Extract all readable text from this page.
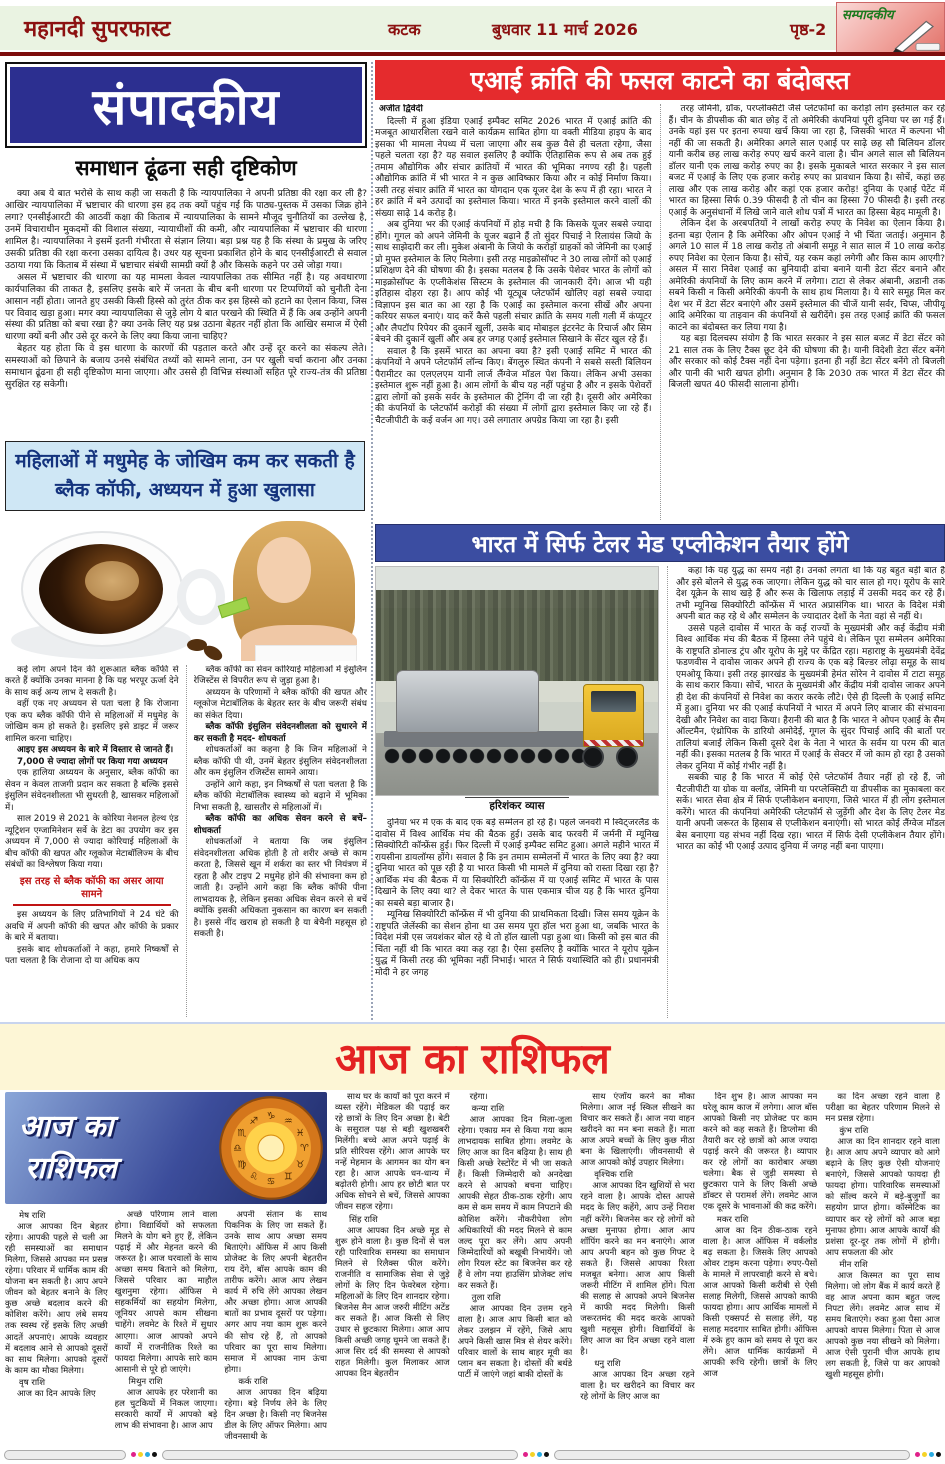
महानदी सुपरफास्ट	कटक	बुधवार 11 मार्च 2026	पृष्ठ-2
सम्पादकीय
संपादकीय
समाधान ढूंढना सही दृष्टिकोण

क्या अब ये बात भरोसे के साथ कही जा सकती है कि न्यायपालिका ने अपनी प्रतिष्ठा की रक्षा कर ली है? आखिर न्यायपालिका में भ्रष्टाचार की धारणा इस हद तक क्यों पहुंच गई कि पाठ्य-पुस्तक में उसका जिक्र होने लगा? एनसीईआरटी की आठवीं कक्षा की किताब में न्यायपालिका के सामने मौजूद चुनौतियों का उल्लेख है, उनमें विचाराधीन मुकदमों की विशाल संख्या, न्यायाधीशों की कमी, और न्यायपालिका में भ्रष्टाचार की धारणा शामिल है। न्यायपालिका ने इसमें इतनी गंभीरता से संज्ञान लिया। बड़ा प्रश्न यह है कि संस्था के प्रमुख के जरिए उसकी प्रतिष्ठा की रक्षा करना उसका दायित्व है। उधर यह सूचना प्रकाशित होने के बाद एनसीईआरटी से सवाल उठाया गया कि किताब में संस्था में भ्रष्टाचार संबंधी सामग्री क्यों है और किसके कहने पर उसे जोड़ा गया।

असल में भ्रष्टाचार की धारणा का यह मामला केवल न्यायपालिका तक सीमित नहीं है। यह अवधारणा कार्यपालिका की ताकत है, इसलिए इसके बारे में जनता के बीच बनी धारणा पर टिप्पणियों को चुनौती देना आसान नहीं होता। जानते हुए उसकी किसी हिस्से को तुरंत ठीक कर इस हिस्से को हटाने का ऐलान किया, जिस पर विवाद खड़ा हुआ। मगर क्या न्यायपालिका से जुड़े लोग ये बात परखने की स्थिति में हैं कि अब उन्होंने अपनी संस्था की प्रतिष्ठा को बचा रखा है? क्या उनके लिए यह प्रश्न उठाना बेहतर नहीं होता कि आखिर समाज में ऐसी धारणा क्यों बनी और उसे दूर करने के लिए क्या किया जाना चाहिए?

बेहतर यह होता कि वे इस धारणा के कारणों की पड़ताल करते और उन्हें दूर करने का संकल्प लेते। समस्याओं को छिपाने के बजाय उनसे संबंधित तथ्यों को सामने लाना, उन पर खुली चर्चा कराना और उनका समाधान ढूंढना ही सही दृष्टिकोण माना जाएगा। और उससे ही विभिन्न संस्थाओं सहित पूरे राज्य-तंत्र की प्रतिष्ठा सुरक्षित रह सकेगी।

महिलाओं में मधुमेह के जोखिम कम कर सकती है ब्लैक कॉफी, अध्ययन में हुआ खुलासा

कई लोग अपने दिन की शुरूआत ब्लैक कॉफी से करते हैं क्योंकि उनका मानना है कि यह भरपूर ऊर्जा देने के साथ कई अन्य लाभ दे सकती है।

वहीं एक नए अध्ययन से पता चला है कि रोजाना एक कप ब्लैक कॉफी पीने से महिलाओं में मधुमेह के जोखिम कम हो सकते है। इसलिए इसे डाइट में जरूर शामिल करना चाहिए।

आइए इस अध्ययन के बारे में विस्तार से जानते हैं।

7,000 से ज्यादा लोगों पर किया गया अध्ययन

एक हालिया अध्ययन के अनुसार, ब्लैक कॉफी का सेवन न केवल ताजगी प्रदान कर सकता है बल्कि इससे इंसुलिन संवेदनशीलता भी सुधरती है, खासकर महिलाओं में।

साल 2019 से 2021 के कोरिया नेशनल हेल्थ एंड न्यूट्रिशन एग्जामिनेशन सर्वे के डेटा का उपयोग कर इस अध्ययन में 7,000 से ज्यादा कोरियाई महिलाओं के बीच कॉफी की खपत और ग्लूकोज मेटाबॉलिज्म के बीच संबंधों का विश्लेषण किया गया।

इस तरह से ब्लैक कॉफी का असर आया सामने

इस अध्ययन के लिए प्रतिभागियों ने 24 घंटे की अवधि में अपनी कॉफी की खपत और कॉफी के प्रकार के बारे में बताया।

इसके बाद शोधकर्ताओं ने कहा, हमारे निष्कर्षों से पता चलता है कि रोजाना दो या अधिक कप

ब्लैक कॉफी का सेवन कोरियाई महिलाओं में इंसुलिन रेजिस्टेंस से विपरीत रूप से जुड़ा हुआ है।

अध्ययन के परिणामों ने ब्लैक कॉफी की खपत और ग्लूकोज मेटाबॉलिक के बेहतर स्तर के बीच जरूरी संबंध का संकेत दिया।

ब्लैक कॉफी इंसुलिन संवेदनशीलता को सुधारने में कर सकती है मदद- शोधकर्ता

शोधकर्ताओं का कहना है कि जिन महिलाओं ने ब्लैक कॉफी पी थी, उनमें बेहतर इंसुलिन संवेदनशीलता और कम इंसुलिन रजिस्टेंस सामने आया।

उन्होंने आगे कहा, इन निष्कर्षों से पता चलता है कि ब्लैक कॉफी मेटाबॉलिक स्वास्थ्य को बढ़ाने में भूमिका निभा सकती है, खासतौर से महिलाओं में।

ब्लैक कॉफी का अधिक सेवन करने से बचें– शोधकर्ता

शोधकर्ताओं ने बताया कि जब इंसुलिन संवेदनशीलता अधिक होती है तो शरीर अच्छे से काम करता है, जिससे खून में शर्करा का स्तर भी नियंत्रण में रहता है और टाइप 2 मधुमेह होने की संभावना कम हो जाती है। उन्होंने आगे कहा कि ब्लैक कॉफी पीना लाभदायक है, लेकिन इसका अधिक सेवन करने से बचें क्योंकि इसकी अधिकता नुकसान का कारण बन सकती है। इससे नींद खराब हो सकती है या बेचैनी महसूस हो सकती है।

एआई क्रांति की फसल काटने का बंदोबस्त

अजीत द्विवेदी

दिल्ली में हुआ इंडिया एआई इम्पैक्ट समिट 2026 भारत में एआई क्रांति की मजबूत आधारशिला रखने वाले कार्यक्रम साबित होगा या वक्ती मीडिया हाइप के बाद इसका भी मामला नेपथ्य में चला जाएगा और सब कुछ वैसे ही चलता रहेगा, जैसा पहले चलता रहा है? यह सवाल इसलिए है क्योंकि ऐतिहासिक रूप से अब तक हुई तमाम औद्योगिक और संचार क्रांतियों में भारत की भूमिका नगण्य रही है। पहली औद्योगिक क्रांति में भी भारत ने न कुछ आविष्कार किया और न कोई निर्माण किया। उसी तरह संचार क्रांति में भारत का योगदान एक यूजर देश के रूप में ही रहा। भारत ने हर क्रांति में बने उत्पादों का इस्तेमाल किया। भारत में इनके इस्तेमाल करने वालों की संख्या साढ़े 14 करोड़ है।

अब दुनिया भर की एआई कंपनियों में होड़ मची है कि किसके यूजर सबसे ज्यादा होंगे। गूगल को अपने जेमिनी के यूजर बढ़ाने हैं तो सुंदर पिचाई ने रिलायंस जियो के साथ साझेदारी कर ली। मुकेश अंबानी के जियो के करोड़ों ग्राहकों को जेमिनी का एआई प्रो मुफ्त इस्तेमाल के लिए मिलेगा। इसी तरह माइक्रोसॉफ्ट ने 30 लाख लोगों को एआई प्रशिक्षण देने की घोषणा की है। इसका मतलब है कि उसके पेशेवर भारत के लोगों को माइक्रोसॉफ्ट के एप्लीकेशंस सिस्टम के इस्तेमाल की जानकारी देंगे। आज भी यही इतिहास दोहरा रहा है। आप कोई भी यूट्यूब प्लेटफॉर्म खोलिए वहां सबसे ज्यादा विज्ञापन इस बात का आ रहा है कि एआई का इस्तेमाल करना सीखें और अपना करियर सफल बनाएं। याद करें कैसे पहली संचार क्रांति के समय गली गली में कंप्यूटर और लैपटॉप रिपेयर की दुकानें खुलीं, उसके बाद मोबाइल इंटरनेट के रिचार्ज और सिम बेचने की दुकानें खुलीं और अब हर जगह एआई इस्तेमाल सिखाने के सेंटर खुल रहे हैं।

सवाल है कि इसमें भारत का अपना क्या है? इसी एआई समिट में भारत की कंपनियों ने अपने प्लेटफॉर्म लॉन्च किए। बेंगलुरु स्थित कंपनी ने सबसे सस्ती बिलियन पैरामीटर का एलएलएम यानी लार्ज लैंग्वेज मॉडल पेश किया। लेकिन अभी उसका इस्तेमाल शुरू नहीं हुआ है। आम लोगों के बीच यह नहीं पहुंचा है और न इसके पेशेवरों द्वारा लोगों को इसके सर्वर के इस्तेमाल की ट्रेनिंग दी जा रही है। दूसरी ओर अमेरिका की कंपनियों के प्लेटफॉर्म करोड़ों की संख्या में लोगों द्वारा इस्तेमाल किए जा रहे हैं। चैटजीपीटी के कई वर्जन आ गए। उसे लगातार अपग्रेड किया जा रहा है। इसी

तरह जेमिनी, ग्रॉक, परप्लेक्सिटी जैसे प्लेटफॉर्मों का करोड़ों लोग इस्तेमाल कर रहे हैं। चीन के डीपसीक की बात छोड़ दें तो अमेरिकी कंपनियां पूरी दुनिया पर छा गई हैं। उनके यहां इस पर इतना रुपया खर्च किया जा रहा है, जिसकी भारत में कल्पना भी नहीं की जा सकती है। अमेरिका अगले साल एआई पर साढ़े छह सौ बिलियन डॉलर यानी करीब छह लाख करोड़ रुपए खर्च करने वाला है। चीन अगले साल सौ बिलियन डॉलर यानी एक लाख करोड़ रुपए का है। इसके मुकाबले भारत सरकार ने इस साल बजट में एआई के लिए एक हजार करोड़ रुपए का प्रावधान किया है। सोचें, कहां छह लाख और एक लाख करोड़ और कहां एक हजार करोड़! दुनिया के एआई पेटेंट में भारत का हिस्सा सिर्फ 0.39 फीसदी है तो चीन का हिस्सा 70 फीसदी है। इसी तरह एआई के अनुसंधानों में लिखे जाने वाले शोध पत्रों में भारत का हिस्सा बेहद मामूली है।

लेकिन देश के अरबपतियों ने लाखों करोड़ रुपए के निवेश का ऐलान किया है। इतना बड़ा ऐलान है कि अमेरिका और ओपन एआई ने भी चिंता जताई। अनुमान है अगले 10 साल में 18 लाख करोड़ तो अंबानी समूह ने सात साल में 10 लाख करोड़ रुपए निवेश का ऐलान किया है। सोचें, यह रकम कहां लगेगी और किस काम आएगी? असल में सारा निवेश एआई का बुनियादी ढांचा बनाने यानी डेटा सेंटर बनाने और अमेरिकी कंपनियों के लिए काम करने में लगेगा। टाटा से लेकर अंबानी, अडानी तक सबने किसी न किसी अमेरिकी कंपनी के साथ हाथ मिलाया है। ये सारे समूह मिल कर देश भर में डेटा सेंटर बनाएंगे और उसमें इस्तेमाल की चीजें यानी सर्वर, चिप्स, जीपीयू आदि अमेरिका या ताइवान की कंपनियों से खरीदेंगे। इस तरह एआई क्रांति की फसल काटने का बंदोबस्त कर लिया गया है।

यह बड़ा दिलचस्प संयोग है कि भारत सरकार ने इस साल बजट में डेटा सेंटर को 21 साल तक के लिए टैक्स छूट देने की घोषणा की है। यानी विदेशी डेटा सेंटर बनेंगे और सरकार को कोई टैक्स नहीं देना पड़ेगा। इतना ही नहीं डेटा सेंटर बनेंगे तो बिजली और पानी की भारी खपत होगी। अनुमान है कि 2030 तक भारत में डेटा सेंटर की बिजली खपत 40 फीसदी सालाना होगी।

भारत में सिर्फ टेलर मेड एप्लीकेशन तैयार होंगे
हरिशंकर व्यास

दुनिया भर में एक के बाद एक बड़े सम्मेलन हो रहे हैं। पहले जनवरी में स्विट्जरलैंड के दावोस में विश्व आर्थिक मंच की बैठक हुई। उसके बाद फरवरी में जर्मनी में म्यूनिख सिक्योरिटी कॉन्फ्रेंस हुई। फिर दिल्ली में एआई इम्पैक्ट समिट हुआ। अगले महीने भारत में रायसीना डायलॉग्स होंगे। सवाल है कि इन तमाम सम्मेलनों में भारत के लिए क्या है? क्या दुनिया भारत को पूछ रही है या भारत किसी भी मामले में दुनिया को रास्ता दिखा रहा है? आर्थिक मंच की बैठक में या सिक्योरिटी कॉन्फ्रेंस में या एआई समिट में भारत के पास दिखाने के लिए क्या था? ले देकर भारत के पास एकमात्र चीज यह है कि भारत दुनिया का सबसे बड़ा बाजार है।

म्यूनिख सिक्योरिटी कॉन्फ्रेंस में भी दुनिया की प्राथमिकता दिखी। जिस समय यूक्रेन के राष्ट्रपति जेलेंस्की का सेशन होना था उस समय पूरा हॉल भरा हुआ था, जबकि भारत के विदेश मंत्री एस जयशंकर बोल रहे थे तो हॉल खाली पड़ा हुआ था। किसी को इस बात की चिंता नहीं थी कि भारत क्या कह रहा है। ऐसा इसलिए है क्योंकि भारत ने यूरोप यूक्रेन युद्ध में किसी तरह की भूमिका नहीं निभाई। भारत ने सिर्फ यथास्थिति को ही। प्रधानमंत्री मोदी ने हर जगह

कहा कि यह युद्ध का समय नहीं है। उनको लगता था कि यह बहुत बड़ी बात है और इसे बोलने से युद्ध रुक जाएगा। लेकिन युद्ध को चार साल हो गए। यूरोप के सारे देश यूक्रेन के साथ खड़े हैं और रूस के खिलाफ लड़ाई में उसकी मदद कर रहे हैं। तभी म्यूनिख सिक्योरिटी कॉन्फ्रेंस में भारत अप्रासंगिक था। भारत के विदेश मंत्री अपनी बात कह रहे थे और सम्मेलन के ज्यादातर देशों के नेता वहां से नहीं थे।

उससे पहले दावोस में भारत के कई राज्यों के मुख्यमंत्री और कई केंद्रीय मंत्री विश्व आर्थिक मंच की बैठक में हिस्सा लेने पहुंचे थे। लेकिन पूरा सम्मेलन अमेरिका के राष्ट्रपति डोनाल्ड ट्रंप और यूरोप के मुद्दे पर केंद्रित रहा। महाराष्ट्र के मुख्यमंत्री देवेंद्र फडणवीस ने दावोस जाकर अपने ही राज्य के एक बड़े बिल्डर लोढ़ा समूह के साथ एमओयू किया। इसी तरह झारखंड के मुख्यमंत्री हेमंत सोरेन ने दावोस में टाटा समूह के साथ करार किया। सोचें, भारत के मुख्यमंत्री और केंद्रीय मंत्री दावोस जाकर अपने ही देश की कंपनियों से निवेश का करार करके लौटे। ऐसे ही दिल्ली के एआई समिट में हुआ। दुनिया भर की एआई कंपनियों ने भारत में अपने लिए बाजार की संभावना देखी और निवेश का वादा किया। हैरानी की बात है कि भारत ने ओपन एआई के सैम ऑल्टमैन, एंथ्रोपिक के डारियो अमोदेई, गूगल के सुंदर पिचाई आदि की बातों पर तालियां बजाईं लेकिन किसी दूसरे देश के नेता ने भारत के सर्वम या परम की बात नहीं की। इसका मतलब है कि भारत में एआई के सेक्टर में जो काम हो रहा है उसको लेकर दुनिया में कोई गंभीर नहीं है।

सबकी चाह है कि भारत में कोई ऐसे प्लेटफॉर्म तैयार नहीं हो रहे हैं, जो चैटजीपीटी या ग्रोक या क्लॉड, जेमिनी या परप्लेक्सिटी या डीपसीक का मुकाबला कर सकें। भारत सेवा क्षेत्र में सिर्फ एप्लीकेशन बनाएगा, जिसे भारत में ही लोग इस्तेमाल करेंगे। भारत की कंपनियां अमेरिकी प्लेटफॉर्म से जुड़ेंगी और देश के लिए टेलर मेड यानी अपनी जरूरत के हिसाब से एप्लीकेशन बनाएंगी। सो भारत कोई लैंग्वेज मॉडल बेस बनाएगा यह संभव नहीं दिख रहा। भारत में सिर्फ देसी एप्लीकेशन तैयार होंगे। भारत का कोई भी एआई उत्पाद दुनिया में जगह नहीं बना पाएगा।

आज का राशिफल
आज का
राशिफल
♈
♉
♊
♋
♌
♍
♎
♏
♐ ♑ ♒
♓

मेष राशि

आज आपका दिन बेहतर रहेगा। आपकी पहले से चली आ रही समस्याओं का समाधान मिलेगा, जिससे आपका मन प्रसन्न रहेगा। परिवार में धार्मिक काम की योजना बन सकती है। आप अपने जीवन को बेहतर बनाने के लिए कुछ अच्छे बदलाव करने की कोशिश करेंगे। आप लंबे समय तक स्वस्थ रहें इसके लिए अच्छी आदतें अपनाएं। आपके व्यवहार में बदलाव आने से आपको दूसरों का साथ मिलेगा। आपको दूसरों के काम का मौका मिलेगा।

वृष राशि

आज का दिन आपके लिए

अच्छे परिणाम लाने वाला होगा। विद्यार्थियों को सफलता मिलने के योग बने हुए हैं, लेकिन पढ़ाई में और मेहनत करने की जरूरत है। आज घरवालों के साथ अच्छा समय बिताने को मिलेगा, जिससे परिवार का माहौल खुशनुमा रहेगा। ऑफिस मे सहकर्मियों का सहयोग मिलेगा, जूनियर आपसे काम सीखना चाहेंगे। लवमेट के रिश्ते में सुधार आएगा। आज आपको अपने कार्यों में राजनीतिक रिश्ते का फायदा मिलेगा। आपके सारे काम आसानी से पूरे हो जाएंगे।

मिथुन राशि

आज आपके हर परेशानी का हल चुटकियों में निकल जाएगा। सरकारी कार्यों में आपको बड़े लाभ की संभावना है। आज आप

अपनी संतान के साथ पिकनिक के लिए जा सकते हैं। उनके साथ आप अच्छा समय बिताएंगे। ऑफिस में आप किसी प्रोजेक्ट के लिए अपनी बेहतरीन राय देंगे, बॉस आपके काम की तारीफ करेंगे। आज आप लेखन कार्य में रुचि लेंगे आपका लेखन और अच्छा होगा। आज आपकी बातों का प्रभाव दूसरों पर पड़ेगा। अगर आप नया काम शुरू करने की सोच रहे हैं, तो आपको परिवार का पूरा साथ मिलेगा। समाज में आपका नाम ऊंचा होगा।

कर्क राशि

आज आपका दिन बढ़िया रहेगा। बड़े निर्णय लेने के लिए दिन अच्छा है। किसी नए बिजनेस डील के लिए ऑफर मिलेगा। आप जीवनसाथी के

साथ घर के कार्यों को पूरा करने में व्यस्त रहेंगे। मेडिकल की पढ़ाई कर रहे छात्रों के लिए दिन अच्छा है। बेटी के ससुराल पक्ष से बड़ी खुशखबरी मिलेंगी। बच्चे आज अपने पढ़ाई के प्रति सीरियस रहेंगे। आज आपके घर नन्हें मेहमान के आगमन का योग बन रहा है। आज आपके धन-धान्य में बढ़ोतरी होगी। आप हर छोटी बात पर अधिक सोचने से बचें, जिससे आपका जीवन सहज रहेगा।

सिंह राशि

आज आपका दिन अच्छे मूड से शुरू होने वाला है। कुछ दिनों से चल रही पारिवारिक समस्या का समाधान मिलने से रिलैक्स फील करेंगे। राजनीति व सामाजिक सेवा से जुड़े लोगों के लिए दिन फेवरेबल रहेगा। महिलाओं के लिए दिन शानदार रहेगा। बिजनेस मैन आज जरुरी मीटिंग अटेंड कर सकते हैं। आज किसी से लिए उधार से छुटकारा मिलेगा। आज आप किसी अच्छी जगह घूमने जा सकते हैं। आज सिर दर्द की समस्या से आपको राहत मिलेगी। कुल मिलाकर आज आपका दिन बेहतरीन

रहेगा।

कन्या राशि

आज आपका दिन मिला-जुला रहेगा। एकाग्र मन से किया गया काम लाभदायक साबित होगा। लवमेट के लिए आज का दिन बढ़िया है। साथ ही किसी अच्छे रेस्टोरेंट में भी जा सकते हैं। किसी जिम्मेदारी को अनदेखा करने से आपको बचना चाहिए। आपकी सेहत ठीक-ठाक रहेगी। आप कम से कम समय में काम निपटाने की कोशिश करेंगे। नौकरीपेशा लोग अधिकारियों की मदद मिलने से काम जल्द पूरा कर लेंगे। आप अपनी जिम्मेदारियों को बखूबी निभायेंगे। जो लोग रियल स्टेट का बिजनेस कर रहे हैं वे लोग नया हाउसिंग प्रोजेक्ट लांच कर सकते हैं।

तुला राशि

आज आपका दिन उत्तम रहने वाला है। आज आप किसी बात को लेकर उलझन में रहेंगे, जिसे आप अपने किसी खास मित्र से शेयर करेंगे। परिवार वालों के साथ बाहर मूवी का प्लान बन सकता है। दोस्तों की बर्थडे पार्टी में जाएंगे जहां बाकी दोस्तों के

साथ एंजॉय करने का मौका मिलेगा। आज नई स्किल सीखने का विचार कर सकते हैं। आज नया वाहन खरीदने का मन बना सकते हैं। माता आज अपने बच्चों के लिए कुछ मीठा बना के खिलाएंगी। जीवनसाथी से आज आपको कोई उपहार मिलेगा।

वृश्चिक राशि

आज आपका दिन खुशियों से भरा रहने वाला है। आपके दोस्त आपसे मदद के लिए कहेंगे, आप उन्हें निराश नहीं करेंगे। बिजनेस कर रहे लोगों को अच्छा मुनाफा होगा। आज आप शॉपिंग करने का मन बनाएंगे। आज आप अपनी बहन को कुछ गिफ्ट दे सकते हैं। जिससे आपका रिश्ता मजबूत बनेगा। आज आप किसी जरूरी मीटिंग में शामिल होंगे। पिता की सलाह से आपको अपने बिजनेस में काफी मदद मिलेगी। किसी जरूरतमंद की मदद करके आपको खुशी महसूस होगी। विद्यार्थियों के लिए आज का दिन अच्छा रहने वाला है।

धनु राशि

आज आपका दिन अच्छा रहने वाला है। घर खरीदने का विचार कर रहे लोगों के लिए आज का

दिन शुभ है। आज आपका मन घरेलू काम काज में लगेगा। आज बॉस आपको किसी नए प्रोजेक्ट पर काम करने को कह सकते हैं। डिप्लोमा की तैयारी कर रहे छात्रों को आज ज्यादा पढ़ाई करने की जरूरत है। व्यापार कर रहे लोगों का कारोबार अच्छा चलेगा। बैक से जुड़ी समस्या से छुटकारा पाने के लिए किसी अच्छे डॉक्टर से परामर्श लेंगे। लवमेट आज एक दूसरे के भावनाओं की कद्र करेंगे।

मकर राशि

आज का दिन ठीक-ठाक रहने वाला है। आज ऑफिस में वर्कलोड बढ़ सकता है। जिसके लिए आपको ओवर टाइम करना पड़ेगा। रुपए-पैसों के मामले में लापरवाही करने से बचे। आज आपको किसी करीबी से ऐसी सलाह मिलेगी, जिससे आपको काफी फायदा होगा। आप आर्थिक मामलों में किसी एक्सपर्ट से सलाह लेंगे, यह सलाह मददगार साबित होगी। ऑफिस में रुके हुए काम को समय से पूरा कर लेंगे। आज धार्मिक कार्यक्रमों में आपकी रूचि रहेगी। छात्रों के लिए आज

का दिन अच्छा रहने वाला है परीक्षा का बेहतर परिणाम मिलने से मन प्रसन्न रहेगा।

कुंभ राशि

आज का दिन शानदार रहने वाला है। आज आप अपने व्यापार को आगे बढ़ाने के लिए कुछ ऐसी योजनाएं बनाएंगे, जिससे आपको फायदा ही फायदा होगा। पारिवारिक समस्याओं को सॉल्व करने में बड़े-बुजुर्गों का सहयोग प्राप्त होगा। कॉस्मेटिक का व्यापार कर रहे लोगों को आज बड़ा मुनाफा होगा। आज आपके कार्यों की प्रशंसा दूर-दूर तक लोगों में होगी। आप सफलता की ओर

मीन राशि

आज किस्मत का पूरा साथ मिलेगा। जो लोग बैंक में कार्य करते हैं वह आज अपना काम बहुत जल्द निपटा लेंगे। लवमेट आज साथ में समय बिताएंगे। रुका हुआ पैसा आज आपको वापस मिलेगा। पिता से आज आपको कुछ नया सीखने को मिलेगा। आज ऐसी पुरानी चीज आपके हाथ लग सकती है, जिसे पा कर आपको खुशी महसूस होगी।
